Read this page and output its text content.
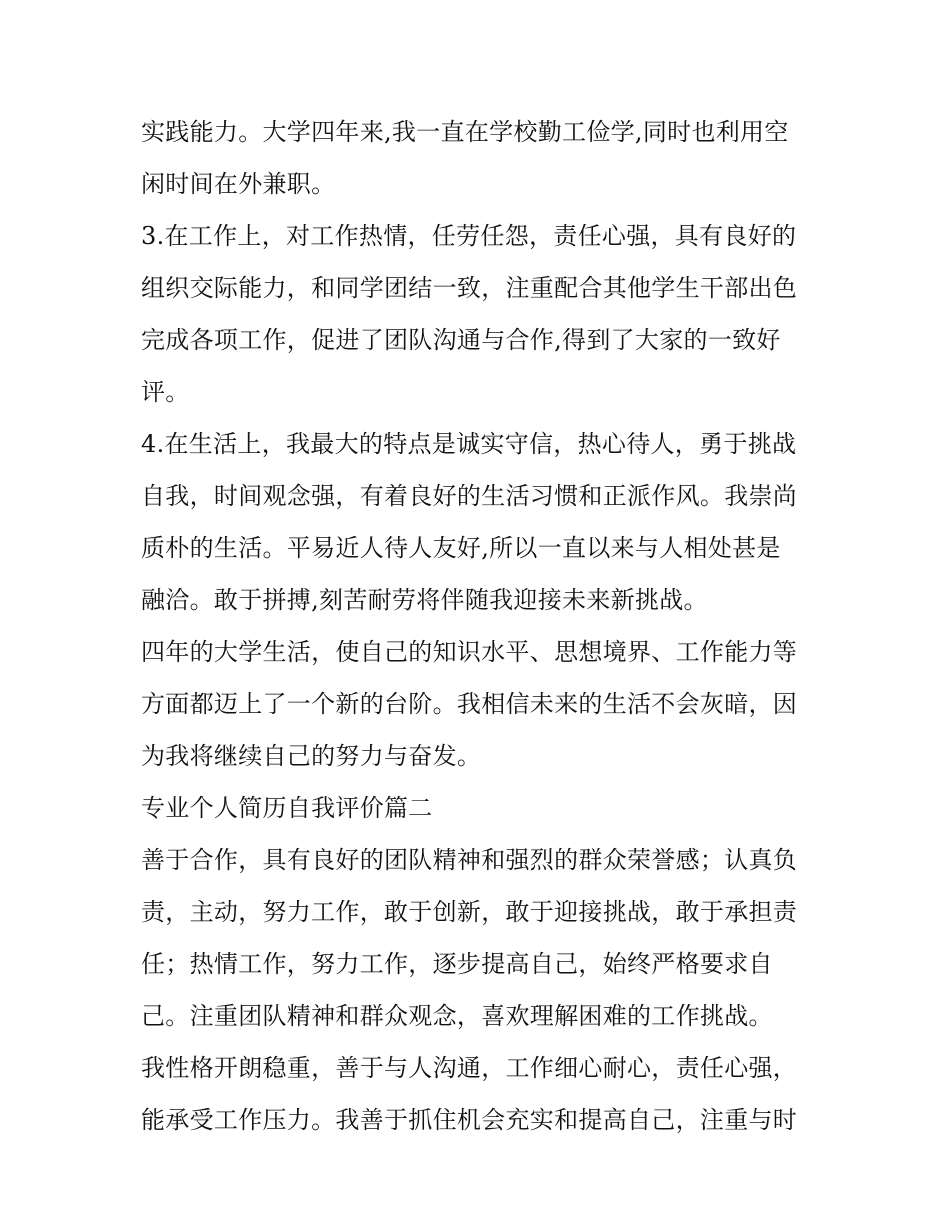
实践能力。大学四年来,我一直在学校勤工俭学,同时也利用空
闲时间在外兼职。
3.在工作上，对工作热情，任劳任怨，责任心强，具有良好的
组织交际能力，和同学团结一致，注重配合其他学生干部出色
完成各项工作，促进了团队沟通与合作,得到了大家的一致好
评。
4.在生活上，我最大的特点是诚实守信，热心待人，勇于挑战
自我，时间观念强，有着良好的生活习惯和正派作风。我崇尚
质朴的生活。平易近人待人友好,所以一直以来与人相处甚是
融洽。敢于拼搏,刻苦耐劳将伴随我迎接未来新挑战。
四年的大学生活，使自己的知识水平、思想境界、工作能力等
方面都迈上了一个新的台阶。我相信未来的生活不会灰暗，因
为我将继续自己的努力与奋发。
专业个人简历自我评价篇二
善于合作，具有良好的团队精神和强烈的群众荣誉感；认真负
责，主动，努力工作，敢于创新，敢于迎接挑战，敢于承担责
任；热情工作，努力工作，逐步提高自己，始终严格要求自
己。注重团队精神和群众观念，喜欢理解困难的工作挑战。
我性格开朗稳重，善于与人沟通，工作细心耐心，责任心强，
能承受工作压力。我善于抓住机会充实和提高自己，注重与时
